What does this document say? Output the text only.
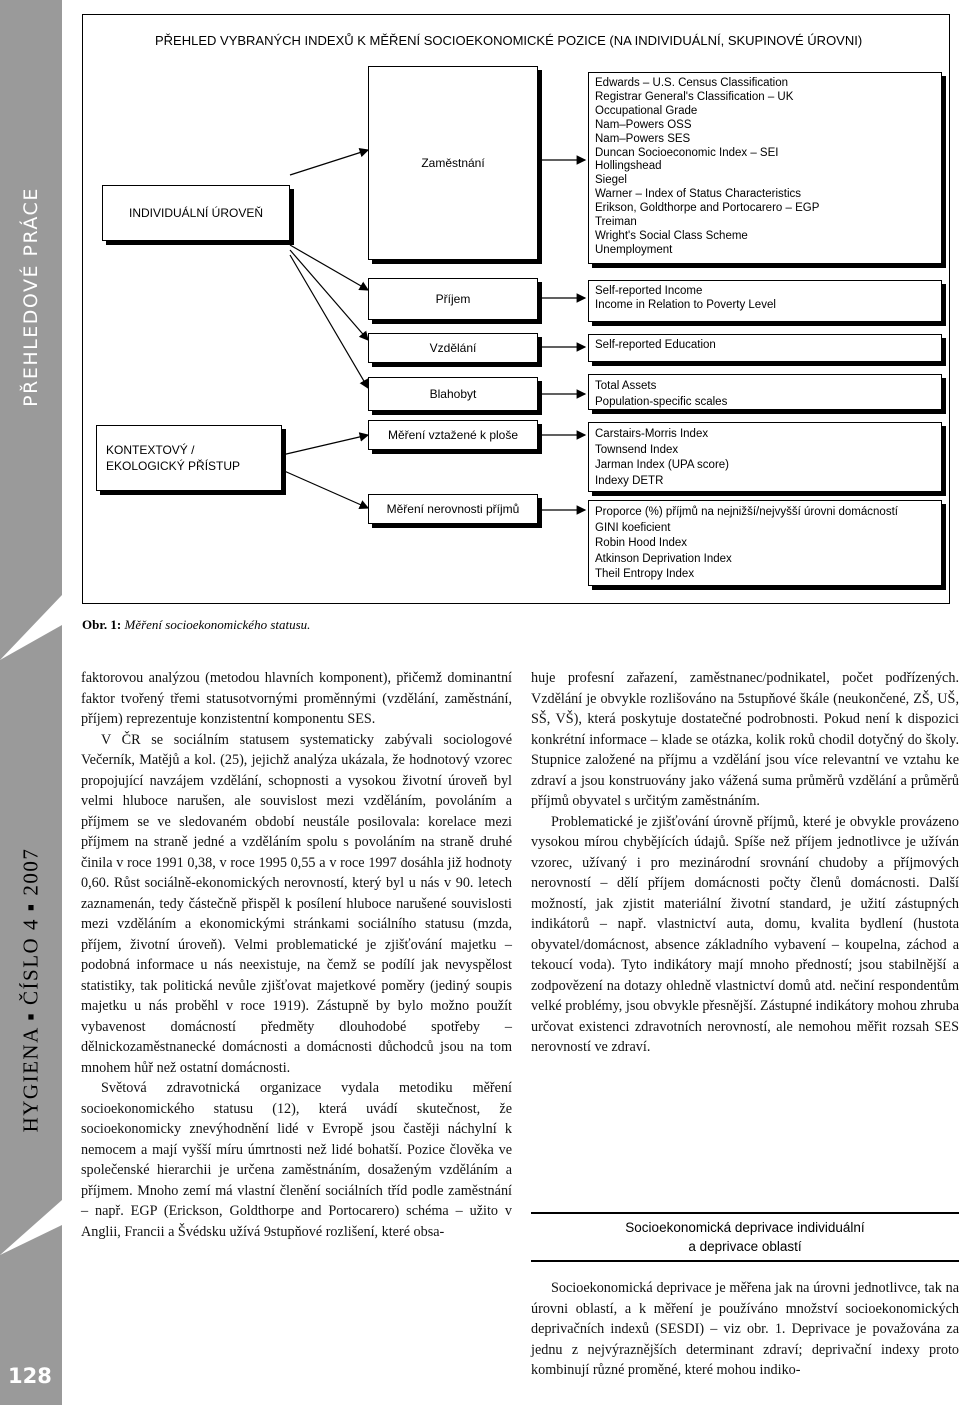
PŘEHLEDOVÉ PRÁCE
HYGIENA ▪ ČÍSLO 4 ▪ 2007
128
PŘEHLED VYBRANÝCH INDEXŮ K MĚŘENÍ SOCIOEKONOMICKÉ POZICE (NA INDIVIDUÁLNÍ, SKUPINOVÉ ÚROVNI)
INDIVIDUÁLNÍ ÚROVEŇ
KONTEXTOVÝ /
EKOLOGICKÝ PŘÍSTUP
Zaměstnání
Příjem
Vzdělání
Blahobyt
Měření vztažené k ploše
Měření nerovnosti příjmů
Edwards – U.S. Census Classification
Registrar General's Classification – UK
Occupational Grade
Nam–Powers OSS
Nam–Powers SES
Duncan Socioeconomic Index – SEI
Hollingshead
Siegel
Warner – Index of Status Characteristics
Erikson, Goldthorpe and Portocarero – EGP
Treiman
Wright's Social Class Scheme
Unemployment
Self-reported Income
Income in Relation to Poverty Level
Self-reported Education
Total Assets
Population-specific scales
Carstairs-Morris Index
Townsend Index
Jarman Index (UPA score)
Indexy DETR
Proporce (%) příjmů na nejnižší/nejvyšší úrovni domácností
GINI koeficient
Robin Hood Index
Atkinson Deprivation Index
Theil Entropy Index
Obr. 1: Měření socioekonomického statusu.

faktorovou analýzou (metodou hlavních komponent), přičemž dominantní faktor tvořený třemi statusotvornými proměnnými (vzdělání, zaměstnání, příjem) reprezentuje konzistentní komponentu SES.

V ČR se sociálním statusem systematicky zabývali sociologové Večerník, Matějů a kol. (25), jejichž analýza ukázala, že hodnotový vzorec propojující navzájem vzdělání, schopnosti a vysokou životní úroveň byl velmi hluboce narušen, ale souvislost mezi vzděláním, povoláním a příjmem se ve sledovaném období neustále posilovala: korelace mezi příjmem na straně jedné a vzděláním spolu s povoláním na straně druhé činila v roce 1991 0,38, v roce 1995 0,55 a v roce 1997 dosáhla již hodnoty 0,60. Růst sociálně-ekonomických nerovností, který byl u nás v 90. letech zaznamenán, tedy částečně přispěl k posílení hluboce narušené souvislosti mezi vzděláním a ekonomickými stránkami sociálního statusu (mzda, příjem, životní úroveň). Velmi problematické je zjišťování majetku – podobná informace u nás neexistuje, na čemž se podílí jak nevyspělost statistiky, tak politická nevůle zjišťovat majetkové poměry (jediný soupis majetku u nás proběhl v roce 1919). Zástupně by bylo možno použít vybavenost domácností předměty dlouhodobé spotřeby – dělnickozaměstnanecké domácnosti a domácnosti důchodců jsou na tom mnohem hůř než ostatní domácnosti.

Světová zdravotnická organizace vydala metodiku měření socioekonomického statusu (12), která uvádí skutečnost, že socioekonomicky znevýhodnění lidé v Evropě jsou častěji náchylní k nemocem a mají vyšší míru úmrtnosti než lidé bohatší. Pozice člověka ve společenské hierarchii je určena zaměstnáním, dosaženým vzděláním a příjmem. Mnoho zemí má vlastní členění sociálních tříd podle zaměstnání – např. EGP (Erickson, Goldthorpe and Portocarero) schéma – užito v Anglii, Francii a Švédsku užívá 9stupňové rozlišení, které obsa-

huje profesní zařazení, zaměstnanec/podnikatel, počet podřízených. Vzdělání je obvykle rozlišováno na 5stupňové škále (neukončené, ZŠ, UŠ, SŠ, VŠ), která poskytuje dostatečné podrobnosti. Pokud není k dispozici konkrétní informace – klade se otázka, kolik roků chodil dotyčný do školy. Stupnice založené na příjmu a vzdělání jsou více relevantní ve vztahu ke zdraví a jsou konstruovány jako vážená suma průměrů vzdělání a průměrů příjmů obyvatel s určitým zaměstnáním.

Problematické je zjišťování úrovně příjmů, které je obvykle provázeno vysokou mírou chybějících údajů. Spíše než příjem jednotlivce je užíván vzorec, užívaný i pro mezinárodní srovnání chudoby a příjmových nerovností – dělí příjem domácnosti počty členů domácnosti. Další možností, jak zjistit materiální životní standard, je užití zástupných indikátorů – např. vlastnictví auta, domu, kvalita bydlení (hustota obyvatel/domácnost, absence základního vybavení – koupelna, záchod a tekoucí voda). Tyto indikátory mají mnoho předností; jsou stabilnější a zodpovězení na dotazy ohledně vlastnictví domů atd. nečiní respondentům velké problémy, jsou obvykle přesnější. Zástupné indikátory mohou zhruba určovat existenci zdravotních nerovností, ale nemohou měřit rozsah SES nerovností ve zdraví.

Socioekonomická deprivace individuální
a deprivace oblastí

Socioekonomická deprivace je měřena jak na úrovni jednotlivce, tak na úrovni oblastí, a k měření je používáno množství socioekonomických deprivačních indexů (SESDI) – viz obr. 1. Deprivace je považována za jednu z nejvýraznějších determinant zdraví; deprivační indexy proto kombinují různé proměné, které mohou indiko-
